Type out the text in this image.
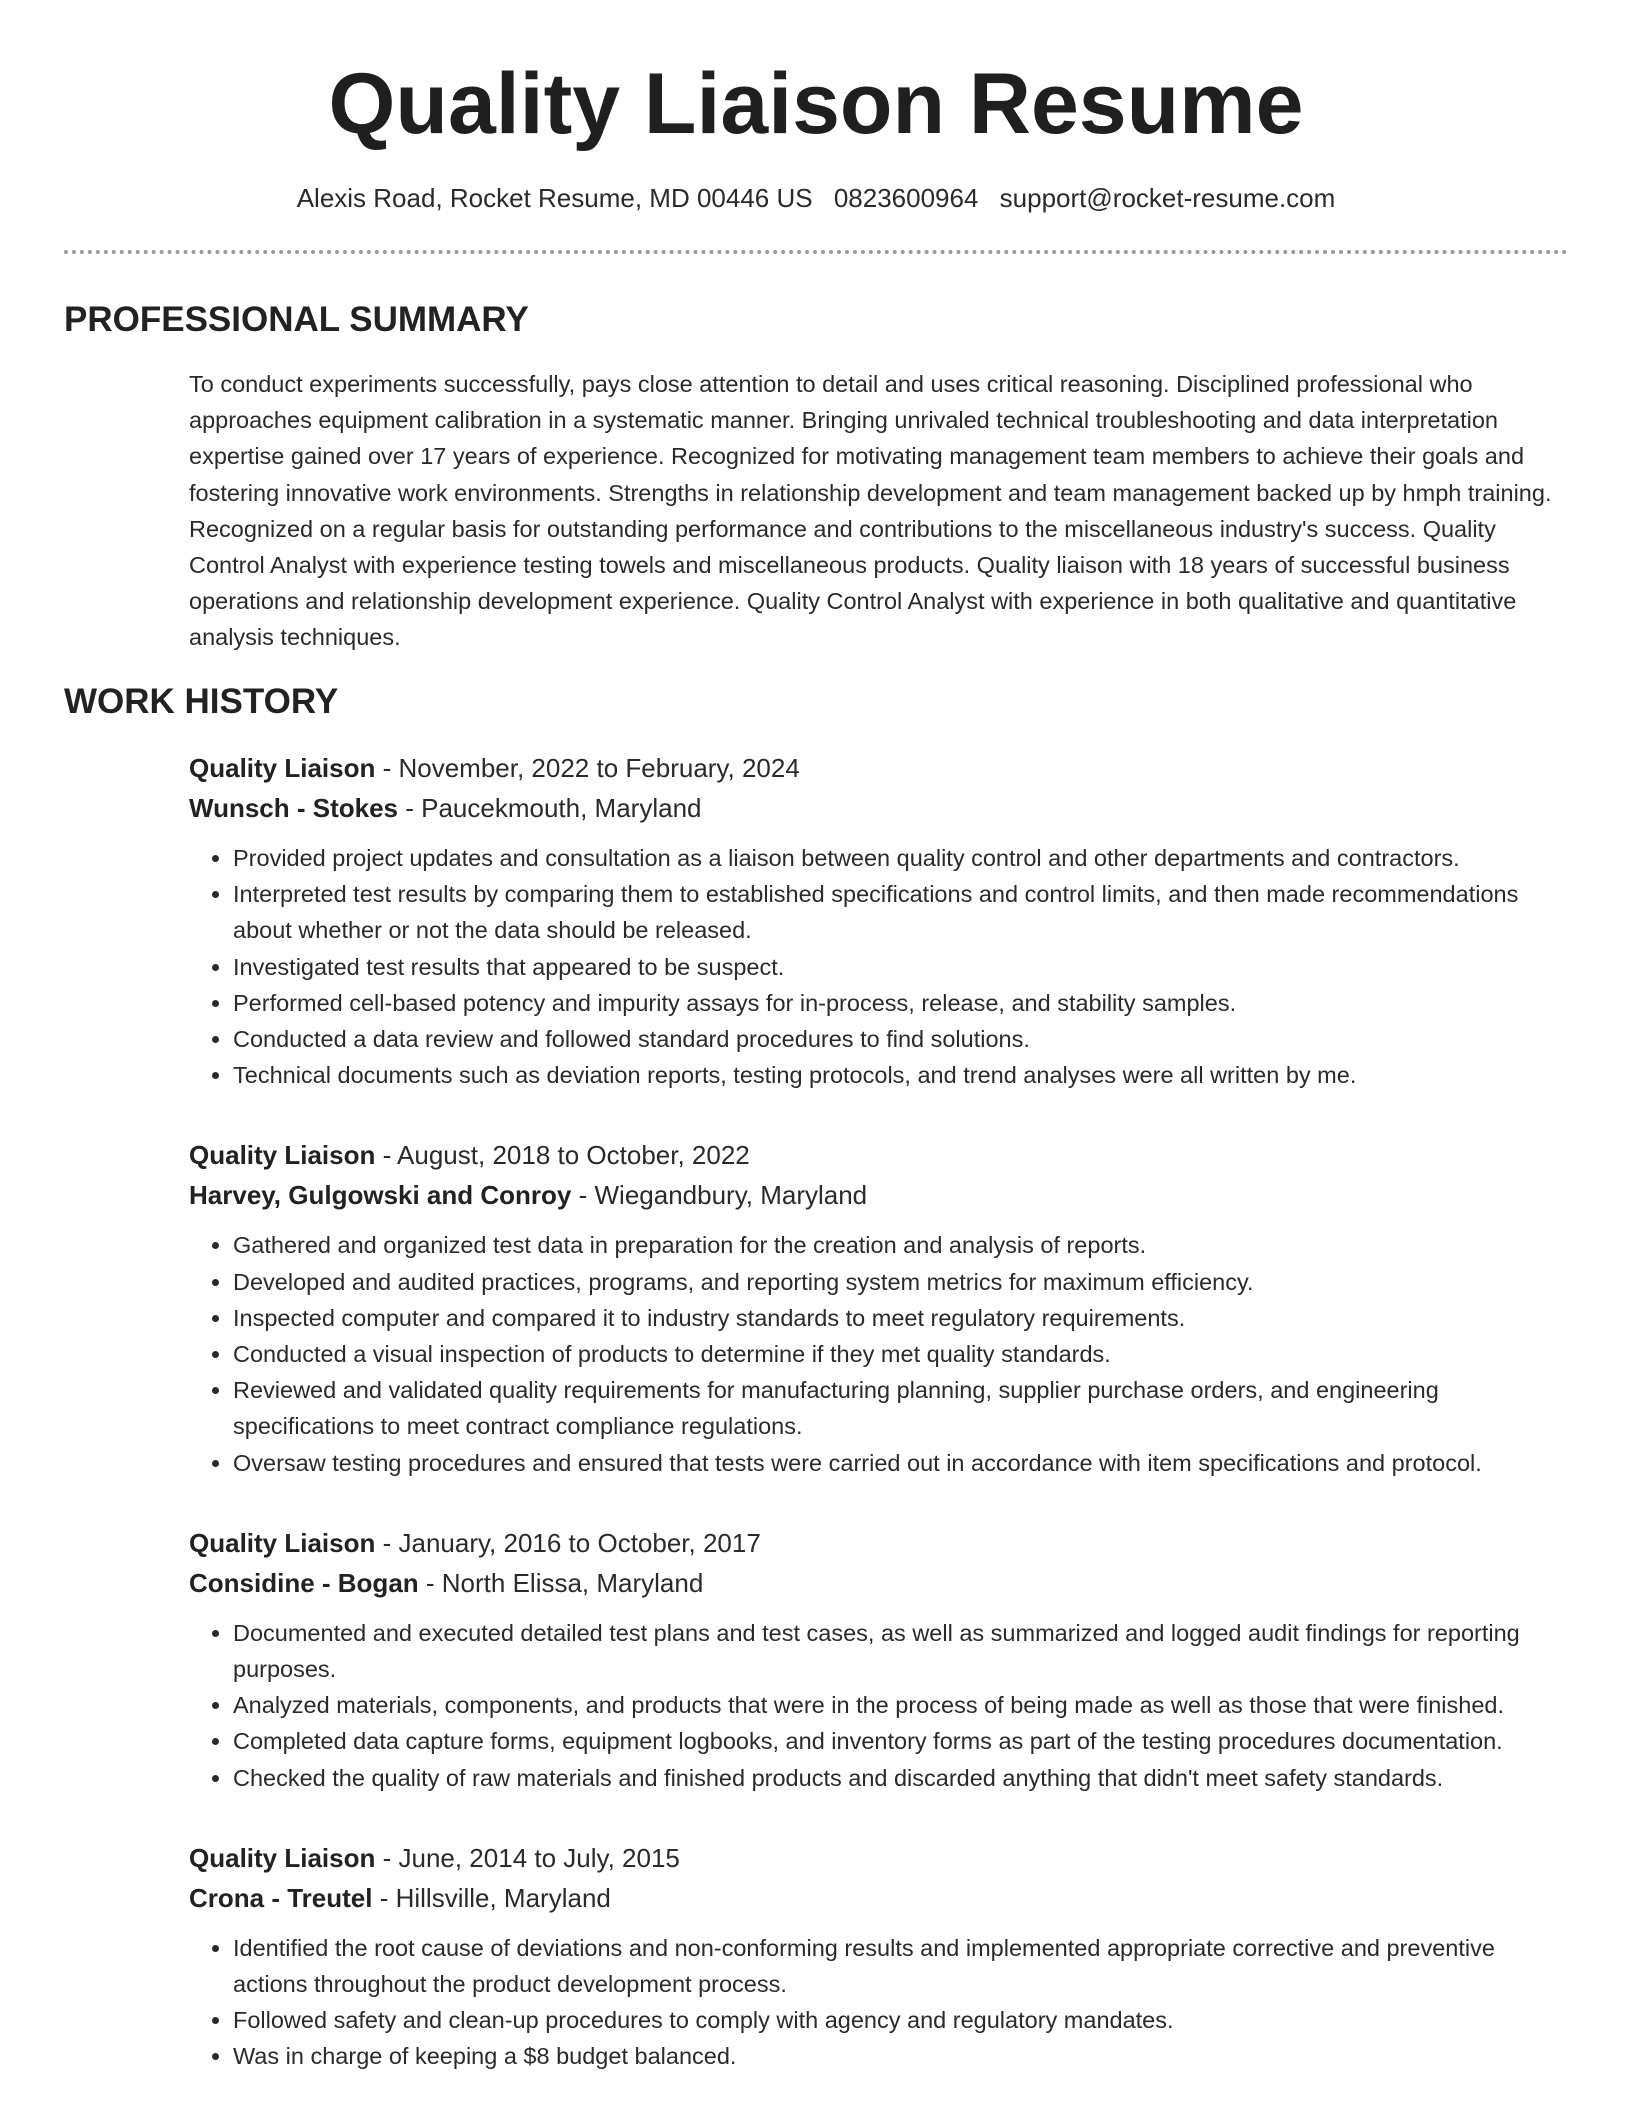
Quality Liaison Resume
Alexis Road, Rocket Resume, MD 00446 US 0823600964 support@rocket-resume.com
PROFESSIONAL SUMMARY

To conduct experiments successfully, pays close attention to detail and uses critical reasoning. Disciplined professional who approaches equipment calibration in a systematic manner. Bringing unrivaled technical troubleshooting and data interpretation expertise gained over 17 years of experience. Recognized for motivating management team members to achieve their goals and fostering innovative work environments. Strengths in relationship development and team management backed up by hmph training. Recognized on a regular basis for outstanding performance and contributions to the miscellaneous industry's success. Quality Control Analyst with experience testing towels and miscellaneous products. Quality liaison with 18 years of successful business operations and relationship development experience. Quality Control Analyst with experience in both qualitative and quantitative analysis techniques.

WORK HISTORY
Quality Liaison - November, 2022 to February, 2024
Wunsch - Stokes - Paucekmouth, Maryland
• Provided project updates and consultation as a liaison between quality control and other departments and contractors.
• Interpreted test results by comparing them to established specifications and control limits, and then made recommendations about whether or not the data should be released.
• Investigated test results that appeared to be suspect.
• Performed cell-based potency and impurity assays for in-process, release, and stability samples.
• Conducted a data review and followed standard procedures to find solutions.
• Technical documents such as deviation reports, testing protocols, and trend analyses were all written by me.
Quality Liaison - August, 2018 to October, 2022
Harvey, Gulgowski and Conroy - Wiegandbury, Maryland
• Gathered and organized test data in preparation for the creation and analysis of reports.
• Developed and audited practices, programs, and reporting system metrics for maximum efficiency.
• Inspected computer and compared it to industry standards to meet regulatory requirements.
• Conducted a visual inspection of products to determine if they met quality standards.
• Reviewed and validated quality requirements for manufacturing planning, supplier purchase orders, and engineering specifications to meet contract compliance regulations.
• Oversaw testing procedures and ensured that tests were carried out in accordance with item specifications and protocol.
Quality Liaison - January, 2016 to October, 2017
Considine - Bogan - North Elissa, Maryland
• Documented and executed detailed test plans and test cases, as well as summarized and logged audit findings for reporting purposes.
• Analyzed materials, components, and products that were in the process of being made as well as those that were finished.
• Completed data capture forms, equipment logbooks, and inventory forms as part of the testing procedures documentation.
• Checked the quality of raw materials and finished products and discarded anything that didn't meet safety standards.
Quality Liaison - June, 2014 to July, 2015
Crona - Treutel - Hillsville, Maryland
• Identified the root cause of deviations and non-conforming results and implemented appropriate corrective and preventive actions throughout the product development process.
• Followed safety and clean-up procedures to comply with agency and regulatory mandates.
• Was in charge of keeping a $8 budget balanced.
